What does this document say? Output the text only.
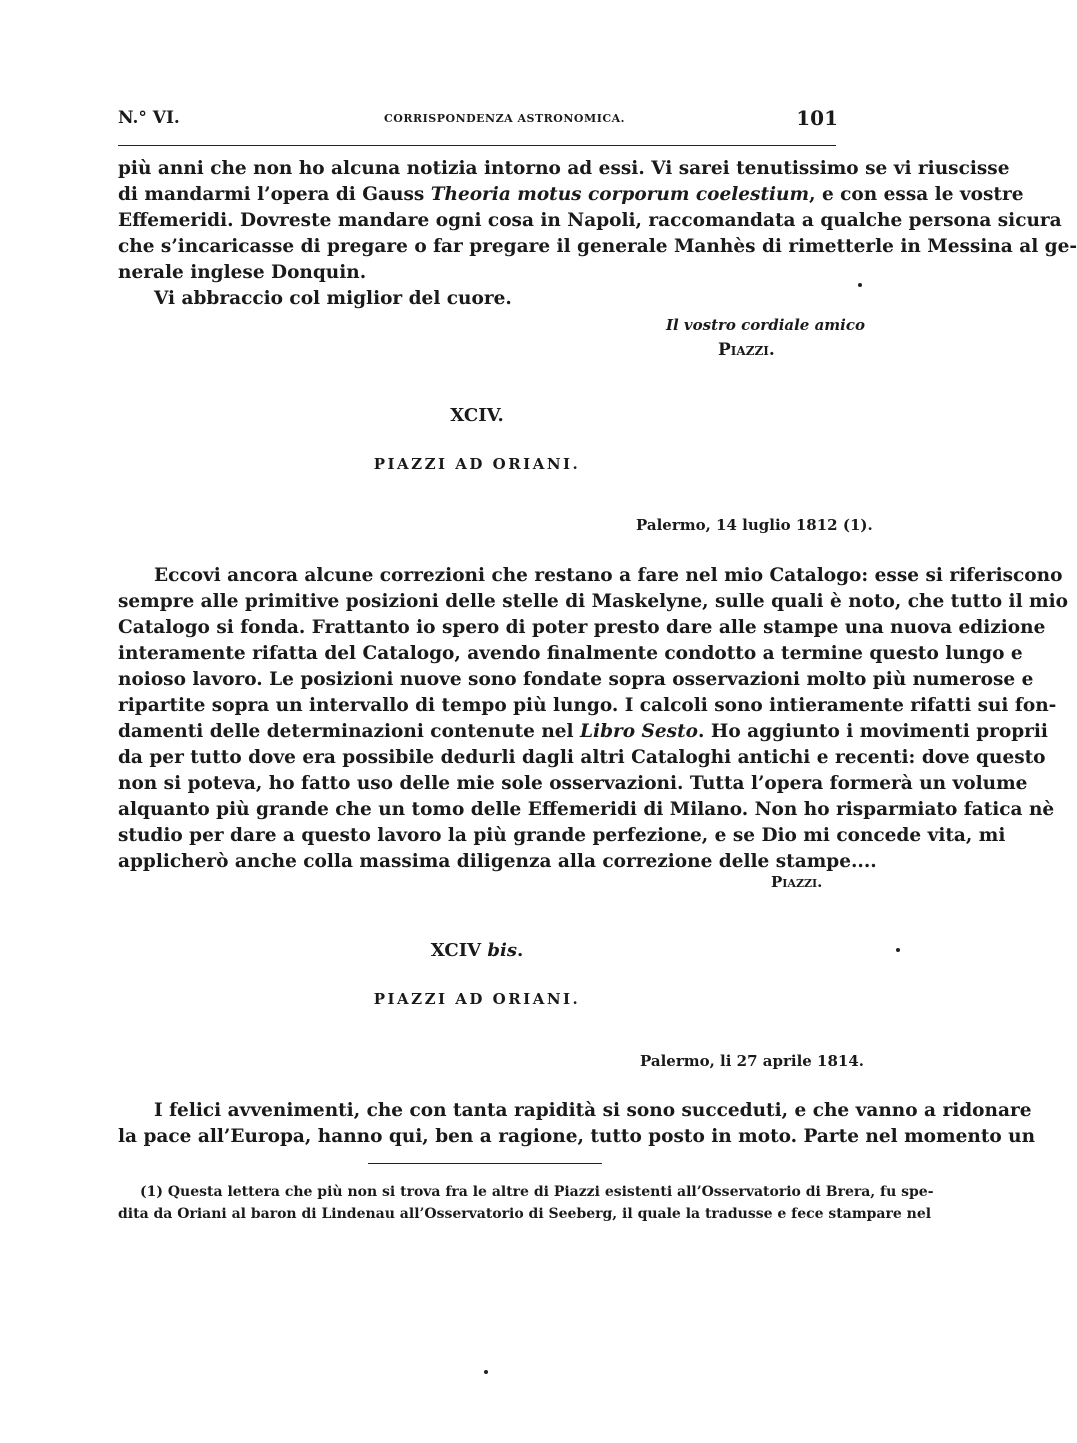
N.° VI.	CORRISPONDENZA ASTRONOMICA.	101
più anni che non ho alcuna notizia intorno ad essi. Vi sarei tenutissimo se vi riuscisse
di mandarmi l’opera di Gauss Theoria motus corporum coelestium, e con essa le vostre
Effemeridi. Dovreste mandare ogni cosa in Napoli, raccomandata a qualche persona sicura
che s’incaricasse di pregare o far pregare il generale Manhès di rimetterle in Messina al ge-
nerale inglese Donquin.
Vi abbraccio col miglior del cuore.
Il vostro cordiale amico
Piazzi.
XCIV.
PIAZZI AD ORIANI.
Palermo, 14 luglio 1812 (1).
Eccovi ancora alcune correzioni che restano a fare nel mio Catalogo: esse si riferiscono
sempre alle primitive posizioni delle stelle di Maskelyne, sulle quali è noto, che tutto il mio
Catalogo si fonda. Frattanto io spero di poter presto dare alle stampe una nuova edizione
interamente rifatta del Catalogo, avendo finalmente condotto a termine questo lungo e
noioso lavoro. Le posizioni nuove sono fondate sopra osservazioni molto più numerose e
ripartite sopra un intervallo di tempo più lungo. I calcoli sono intieramente rifatti sui fon-
damenti delle determinazioni contenute nel Libro Sesto. Ho aggiunto i movimenti proprii
da per tutto dove era possibile dedurli dagli altri Cataloghi antichi e recenti: dove questo
non si poteva, ho fatto uso delle mie sole osservazioni. Tutta l’opera formerà un volume
alquanto più grande che un tomo delle Effemeridi di Milano. Non ho risparmiato fatica nè
studio per dare a questo lavoro la più grande perfezione, e se Dio mi concede vita, mi
applicherò anche colla massima diligenza alla correzione delle stampe....
Piazzi.
XCIV bis.
PIAZZI AD ORIANI.
Palermo, li 27 aprile 1814.
I felici avvenimenti, che con tanta rapidità si sono succeduti, e che vanno a ridonare
la pace all’Europa, hanno qui, ben a ragione, tutto posto in moto. Parte nel momento un
(1) Questa lettera che più non si trova fra le altre di Piazzi esistenti all’Osservatorio di Brera, fu spe-
dita da Oriani al baron di Lindenau all’Osservatorio di Seeberg, il quale la tradusse e fece stampare nel
